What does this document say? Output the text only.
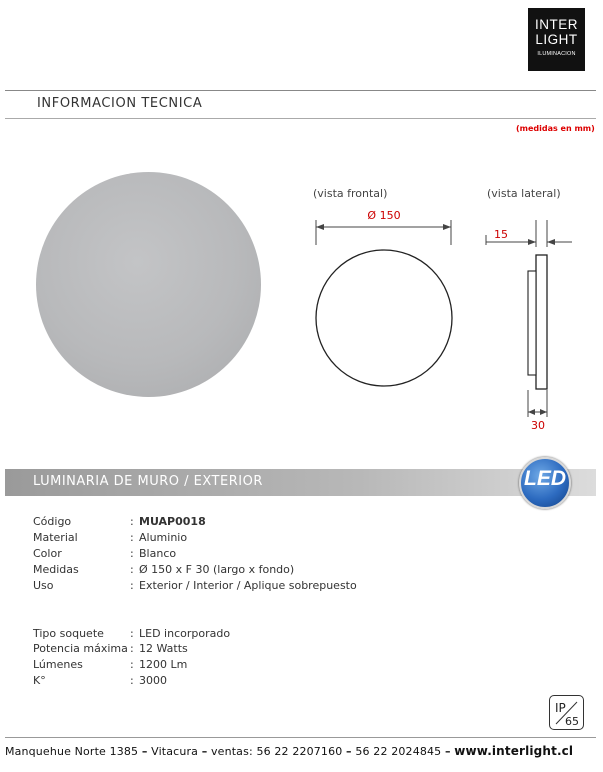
INTER
LIGHT
ILUMINACION
INFORMACION TECNICA
(medidas en mm)
(vista frontal)	(vista lateral)
Ø 150
15
30
LUMINARIA DE MURO / EXTERIOR	LED
Código	: MUAP0018
Material	: Aluminio
Color	: Blanco
Medidas	: Ø 150 x F 30 (largo x fondo)
Uso	: Exterior / Interior / Aplique sobrepuesto
Tipo soquete : LED incorporado
Potencia máxima : 12 Watts
Lúmenes	: 1200 Lm
K°	: 3000
IP
65
Manquehue Norte 1385 – Vitacura – ventas: 56 22 2207160 – 56 22 2024845 – www.interlight.cl
